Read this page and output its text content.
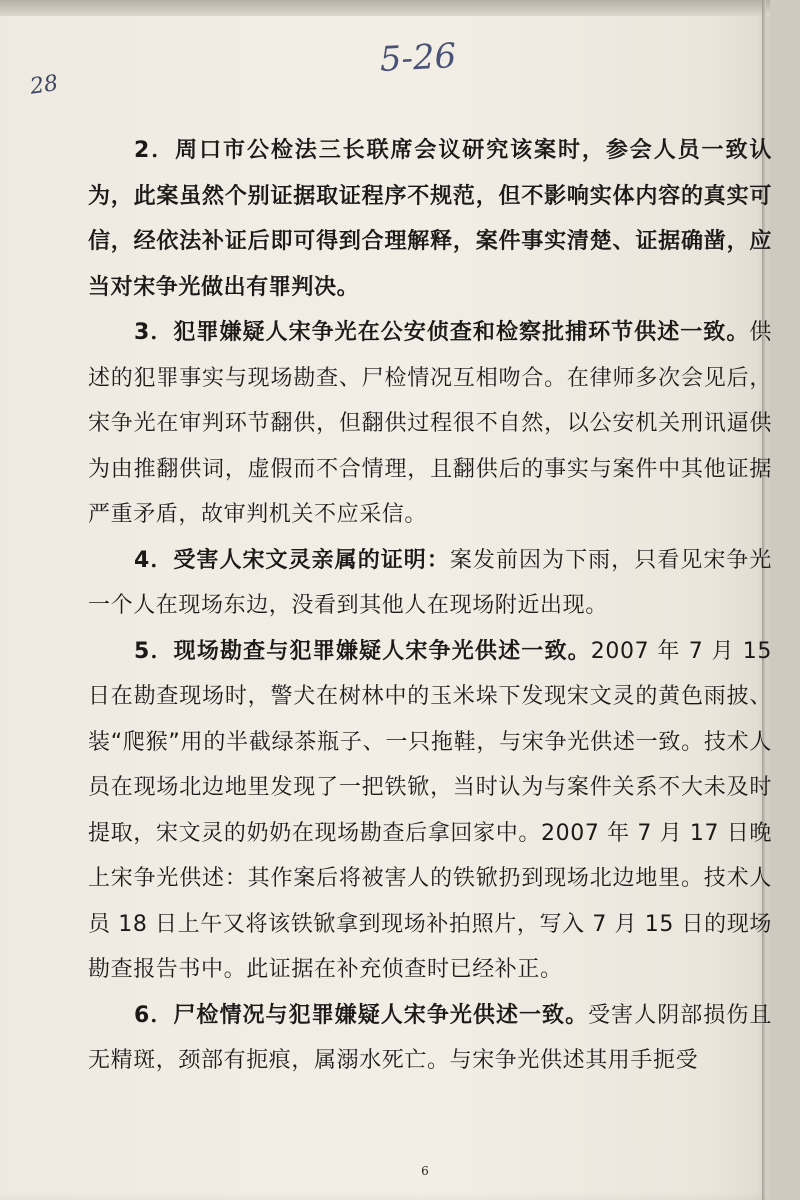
5-26
28

2．周口市公检法三长联席会议研究该案时，参会人员一致认为，此案虽然个别证据取证程序不规范，但不影响实体内容的真实可信，经依法补证后即可得到合理解释，案件事实清楚、证据确凿，应当对宋争光做出有罪判决。

3．犯罪嫌疑人宋争光在公安侦查和检察批捕环节供述一致。供述的犯罪事实与现场勘查、尸检情况互相吻合。在律师多次会见后，宋争光在审判环节翻供，但翻供过程很不自然，以公安机关刑讯逼供为由推翻供词，虚假而不合情理，且翻供后的事实与案件中其他证据严重矛盾，故审判机关不应采信。

4．受害人宋文灵亲属的证明：案发前因为下雨，只看见宋争光一个人在现场东边，没看到其他人在现场附近出现。

5．现场勘查与犯罪嫌疑人宋争光供述一致。2007 年 7 月 15 日在勘查现场时，警犬在树林中的玉米垛下发现宋文灵的黄色雨披、装“爬猴”用的半截绿茶瓶子、一只拖鞋，与宋争光供述一致。技术人员在现场北边地里发现了一把铁锨，当时认为与案件关系不大未及时提取，宋文灵的奶奶在现场勘查后拿回家中。2007 年 7 月 17 日晚上宋争光供述：其作案后将被害人的铁锨扔到现场北边地里。技术人员 18 日上午又将该铁锨拿到现场补拍照片，写入 7 月 15 日的现场勘查报告书中。此证据在补充侦查时已经补正。

6．尸检情况与犯罪嫌疑人宋争光供述一致。受害人阴部损伤且无精斑，颈部有扼痕，属溺水死亡。与宋争光供述其用手扼受

6
